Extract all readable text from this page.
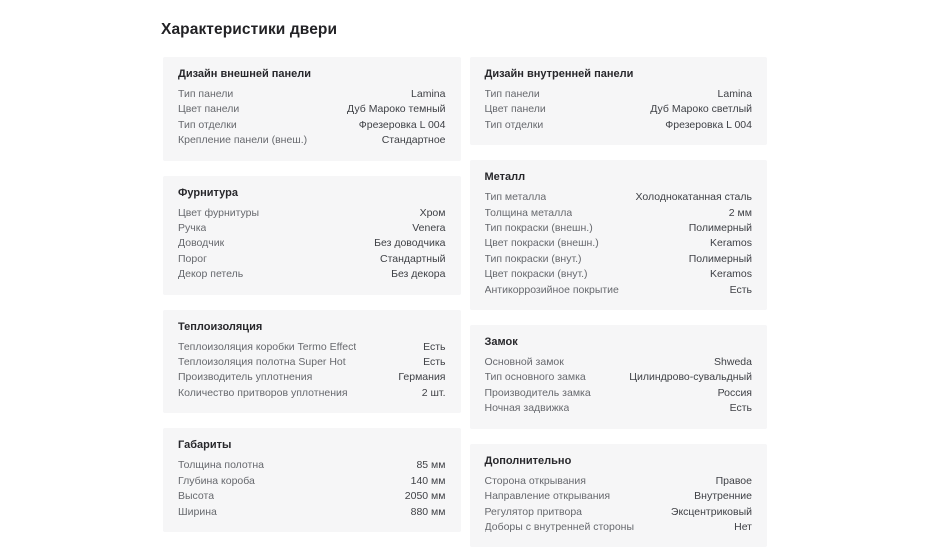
Характеристики двери
Дизайн внешней панели
Тип панели	Lamina
Цвет панели	Дуб Мароко темный
Тип отделки	Фрезеровка L 004
Крепление панели (внеш.)	Стандартное
Фурнитура
Цвет фурнитуры	Хром
Ручка	Venera
Доводчик	Без доводчика
Порог	Стандартный
Декор петель	Без декора
Теплоизоляция
Теплоизоляция коробки Termo Effect	Есть
Теплоизоляция полотна Super Hot	Есть
Производитель уплотнения	Германия
Количество притворов уплотнения	2 шт.
Габариты
Толщина полотна	85 мм
Глубина короба	140 мм
Высота	2050 мм
Ширина	880 мм
Дизайн внутренней панели
Тип панели	Lamina
Цвет панели	Дуб Мароко светлый
Тип отделки	Фрезеровка L 004
Металл
Тип металла	Холоднокатанная сталь
Толщина металла	2 мм
Тип покраски (внешн.)	Полимерный
Цвет покраски (внешн.)	Keramos
Тип покраски (внут.)	Полимерный
Цвет покраски (внут.)	Keramos
Антикоррозийное покрытие	Есть
Замок
Основной замок	Shweda
Тип основного замка	Цилиндрово-сувальдный
Производитель замка	Россия
Ночная задвижка	Есть
Дополнительно
Сторона открывания	Правое
Направление открывания	Внутренние
Регулятор притвора	Эксцентриковый
Доборы с внутренней стороны	Нет
